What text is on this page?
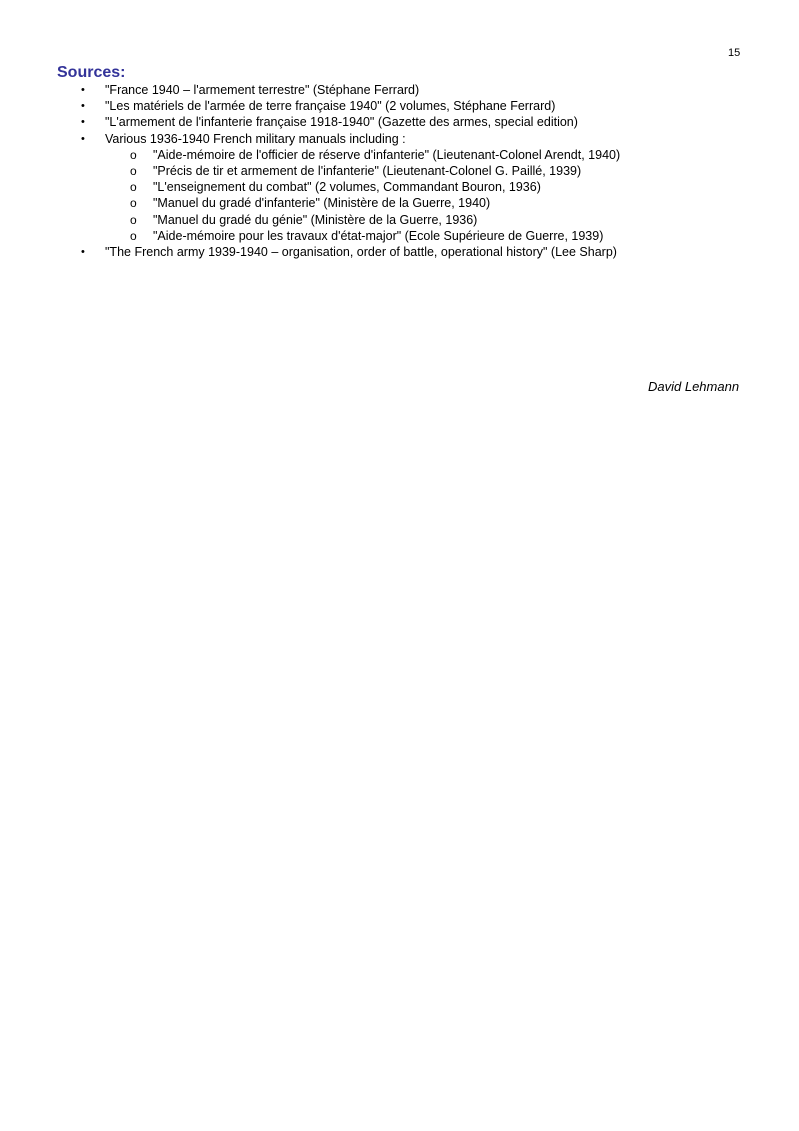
15
Sources:
• "France 1940 – l'armement terrestre" (Stéphane Ferrard)
• "Les matériels de l'armée de terre française 1940" (2 volumes, Stéphane Ferrard)
• "L'armement de l'infanterie française 1918-1940" (Gazette des armes, special edition)
• Various 1936-1940 French military manuals including :
o "Aide-mémoire de l'officier de réserve d'infanterie" (Lieutenant-Colonel Arendt, 1940)
o "Précis de tir et armement de l'infanterie" (Lieutenant-Colonel G. Paillé, 1939)
o "L'enseignement du combat" (2 volumes, Commandant Bouron, 1936)
o "Manuel du gradé d'infanterie" (Ministère de la Guerre, 1940)
o "Manuel du gradé du génie" (Ministère de la Guerre, 1936)
o "Aide-mémoire pour les travaux d'état-major" (Ecole Supérieure de Guerre, 1939)
• "The French army 1939-1940 – organisation, order of battle, operational history" (Lee Sharp)
David Lehmann
